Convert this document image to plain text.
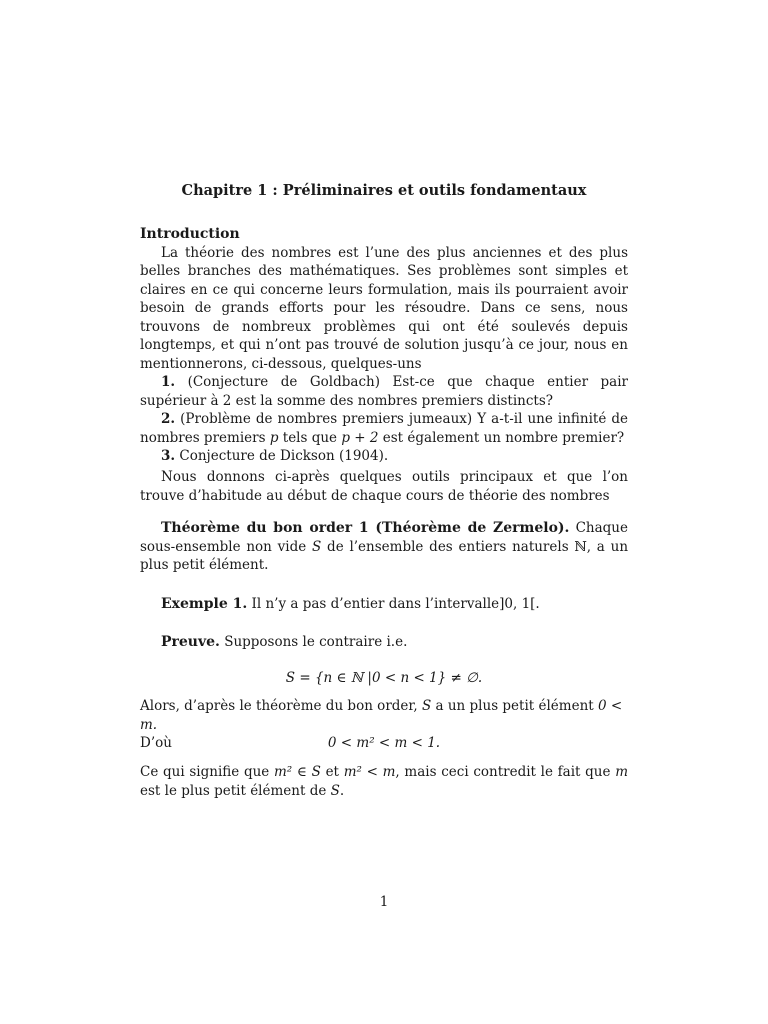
Chapitre 1 : Préliminaires et outils fondamentaux

Introduction

La théorie des nombres est l’une des plus anciennes et des plus belles branches des mathématiques. Ses problèmes sont simples et claires en ce qui concerne leurs formulation, mais ils pourraient avoir besoin de grands efforts pour les résoudre. Dans ce sens, nous trouvons de nombreux problèmes qui ont été soulevés depuis longtemps, et qui n’ont pas trouvé de solution jusqu’à ce jour, nous en mentionnerons, ci-dessous, quelques-uns

1. (Conjecture de Goldbach) Est-ce que chaque entier pair supérieur à 2 est la somme des nombres premiers distincts?

2. (Problème de nombres premiers jumeaux) Y a-t-il une infinité de nombres premiers p tels que p + 2 est également un nombre premier?

3. Conjecture de Dickson (1904).

Nous donnons ci-après quelques outils principaux et que l’on trouve d’habitude au début de chaque cours de théorie des nombres

Théorème du bon order 1 (Théorème de Zermelo). Chaque sous-ensemble non vide S de l’ensemble des entiers naturels ℕ, a un plus petit élément.

Exemple 1. Il n’y a pas d’entier dans l’intervalle]0, 1[.

Preuve. Supposons le contraire i.e.

S = {n ∈ ℕ |0 < n < 1} ≠ ∅.

Alors, d’après le théorème du bon order, S a un plus petit élément 0 < m.

D’où	0 < m² < m < 1.

Ce qui signifie que m² ∈ S et m² < m, mais ceci contredit le fait que m est le plus petit élément de S.

1
